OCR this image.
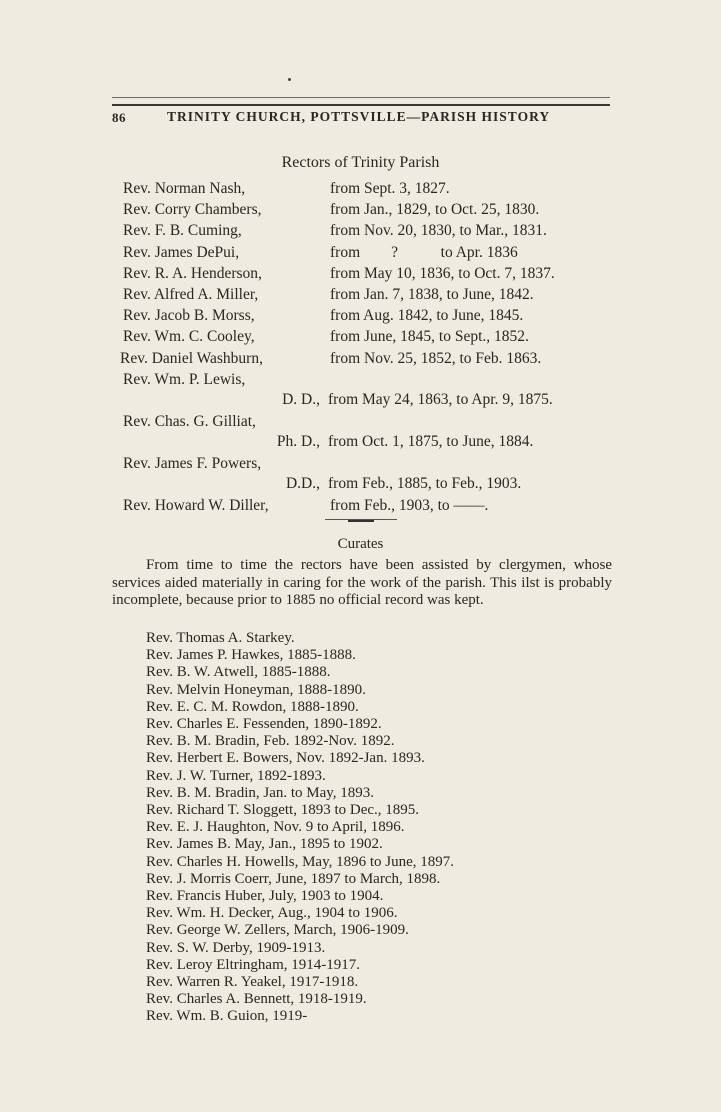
86	TRINITY CHURCH, POTTSVILLE—PARISH HISTORY
Rectors of Trinity Parish
Rev. Norman Nash,	from Sept. 3, 1827.
Rev. Corry Chambers,	from Jan., 1829, to Oct. 25, 1830.
Rev. F. B. Cuming,	from Nov. 20, 1830, to Mar., 1831.
Rev. James DePui,	from        ?           to Apr. 1836
Rev. R. A. Henderson,	from May 10, 1836, to Oct. 7, 1837.
Rev. Alfred A. Miller,	from Jan. 7, 1838, to June, 1842.
Rev. Jacob B. Morss,	from Aug. 1842, to June, 1845.
Rev. Wm. C. Cooley,	from June, 1845, to Sept., 1852.
Rev. Daniel Washburn,	from Nov. 25, 1852, to Feb. 1863.
Rev. Wm. P. Lewis,
D. D., from May 24, 1863, to Apr. 9, 1875.
Rev. Chas. G. Gilliat,
Ph. D., from Oct. 1, 1875, to June, 1884.
Rev. James F. Powers,
D.D., from Feb., 1885, to Feb., 1903.
Rev. Howard W. Diller,	from Feb., 1903, to ——.
Curates
From time to time the rectors have been assisted by clergymen, whose services aided materially in caring for the work of the parish. This ilst is probably incomplete, because prior to 1885 no official record was kept.
Rev. Thomas A. Starkey.
Rev. James P. Hawkes, 1885-1888.
Rev. B. W. Atwell, 1885-1888.
Rev. Melvin Honeyman, 1888-1890.
Rev. E. C. M. Rowdon, 1888-1890.
Rev. Charles E. Fessenden, 1890-1892.
Rev. B. M. Bradin, Feb. 1892-Nov. 1892.
Rev. Herbert E. Bowers, Nov. 1892-Jan. 1893.
Rev. J. W. Turner, 1892-1893.
Rev. B. M. Bradin, Jan. to May, 1893.
Rev. Richard T. Sloggett, 1893 to Dec., 1895.
Rev. E. J. Haughton, Nov. 9 to April, 1896.
Rev. James B. May, Jan., 1895 to 1902.
Rev. Charles H. Howells, May, 1896 to June, 1897.
Rev. J. Morris Coerr, June, 1897 to March, 1898.
Rev. Francis Huber, July, 1903 to 1904.
Rev. Wm. H. Decker, Aug., 1904 to 1906.
Rev. George W. Zellers, March, 1906-1909.
Rev. S. W. Derby, 1909-1913.
Rev. Leroy Eltringham, 1914-1917.
Rev. Warren R. Yeakel, 1917-1918.
Rev. Charles A. Bennett, 1918-1919.
Rev. Wm. B. Guion, 1919-
